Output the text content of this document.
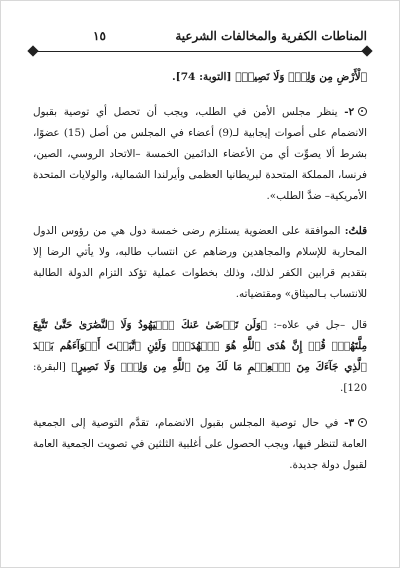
المناطات الكفرية والمخالفات الشرعية
١٥

ﭐلْأَرْضِ مِن وَلِيّٖ وَلَا نَصِيرٖ﴾ [التوبة: 74].

٢- ينظر مجلس الأمن في الطلب، ويجب أن تحصل أي توصية بقبول الانضمام على أصوات إيجابية لـ(9) أعضاء في المجلس من أصل (15) عضوًا، بشرط ألا يصوِّت أي من الأعضاء الدائمين الخمسة –الاتحاد الروسي، الصين، فرنسا، المملكة المتحدة لبريطانيا العظمى وأيرلندا الشمالية، والولايات المتحدة الأمريكية– ضدَّ الطلب».

قلتُ: الموافقة على العضوية يستلزم رضى خمسة دول هي من رؤوس الدول المحاربة للإسلام والمجاهدين ورضاهم عن انتساب طالبه، ولا يأتي الرضا إلا بتقديم قرابين الكفر لذلك، وذلك بخطوات عملية تؤكد التزام الدولة الطالبة للانتساب بـالميثاق» ومقتضياته.

قال –جل في علاه–: ﴿وَلَن تَرۡضَىٰ عَنكَ ٱلۡيَهُودُ وَلَا ٱلنَّصَٰرَىٰ حَتَّىٰ تَتَّبِعَ مِلَّتَهُمۡۗ قُلۡ إِنَّ هُدَى ٱللَّهِ هُوَ ٱلۡهُدَىٰۗ وَلَئِنِ ٱتَّبَعۡتَ أَهۡوَآءَهُم بَعۡدَ ٱلَّذِي جَآءَكَ مِنَ ٱلۡعِلۡمِ مَا لَكَ مِنَ ٱللَّهِ مِن وَلِيّٖ وَلَا نَصِيرٍ﴾ [البقرة: 120].

٣- في حال توصية المجلس بقبول الانضمام، تقدَّم التوصية إلى الجمعية العامة لتنظر فيها، ويجب الحصول على أغلبية الثلثين في تصويت الجمعية العامة لقبول دولة جديدة.
